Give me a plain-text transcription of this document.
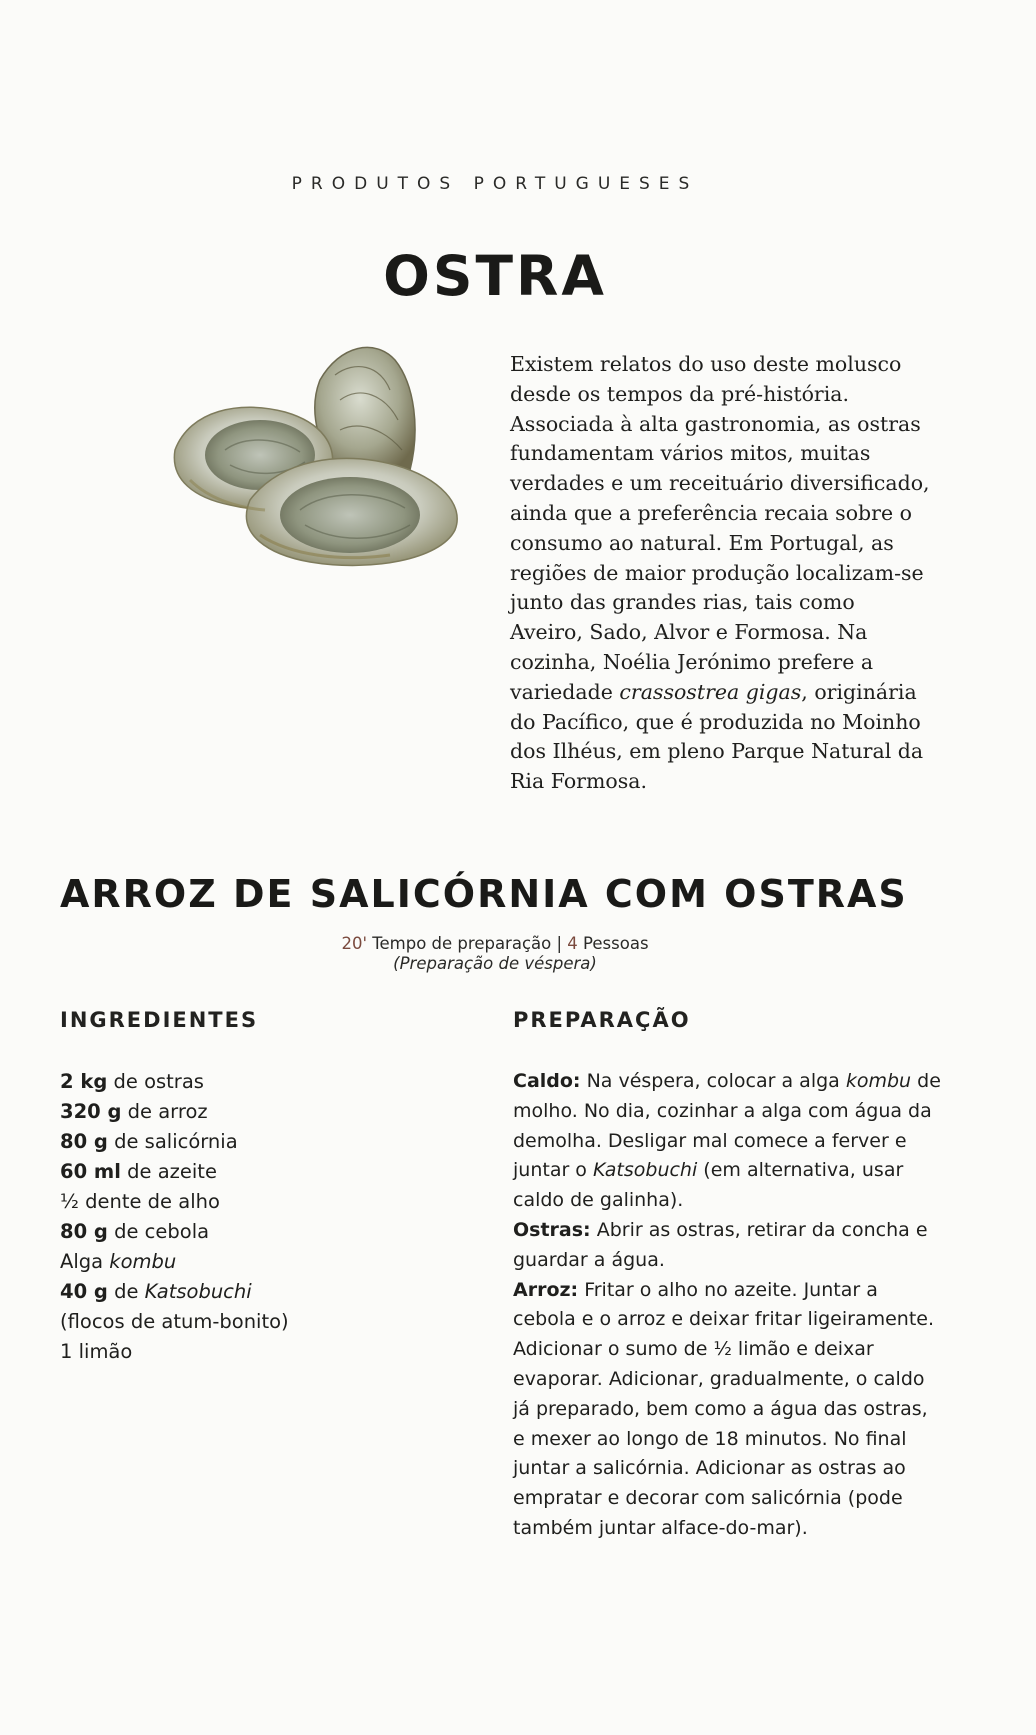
PRODUTOS PORTUGUESES
OSTRA
Existem relatos do uso deste molusco desde os tempos da pré-história. Associada à alta gastronomia, as ostras fundamentam vários mitos, muitas verdades e um receituário diversificado, ainda que a preferência recaia sobre o consumo ao natural. Em Portugal, as regiões de maior produção localizam-se junto das grandes rias, tais como Aveiro, Sado, Alvor e Formosa. Na cozinha, Noélia Jerónimo prefere a variedade crassostrea gigas, originária do Pacífico, que é produzida no Moinho dos Ilhéus, em pleno Parque Natural da Ria Formosa.
ARROZ DE SALICÓRNIA COM OSTRAS
20' Tempo de preparação | 4 Pessoas
(Preparação de véspera)
INGREDIENTES	PREPARAÇÃO
2 kg de ostras
320 g de arroz
80 g de salicórnia
60 ml de azeite
½ dente de alho
80 g de cebola
Alga kombu
40 g de Katsobuchi
(flocos de atum-bonito)
1 limão

Caldo: Na véspera, colocar a alga kombu de molho. No dia, cozinhar a alga com água da demolha. Desligar mal comece a ferver e juntar o Katsobuchi (em alternativa, usar caldo de galinha).

Ostras: Abrir as ostras, retirar da concha e guardar a água.

Arroz: Fritar o alho no azeite. Juntar a cebola e o arroz e deixar fritar ligeiramente. Adicionar o sumo de ½ limão e deixar evaporar. Adicionar, gradualmente, o caldo já preparado, bem como a água das ostras, e mexer ao longo de 18 minutos. No final juntar a salicórnia. Adicionar as ostras ao empratar e decorar com salicórnia (pode também juntar alface-do-mar).
